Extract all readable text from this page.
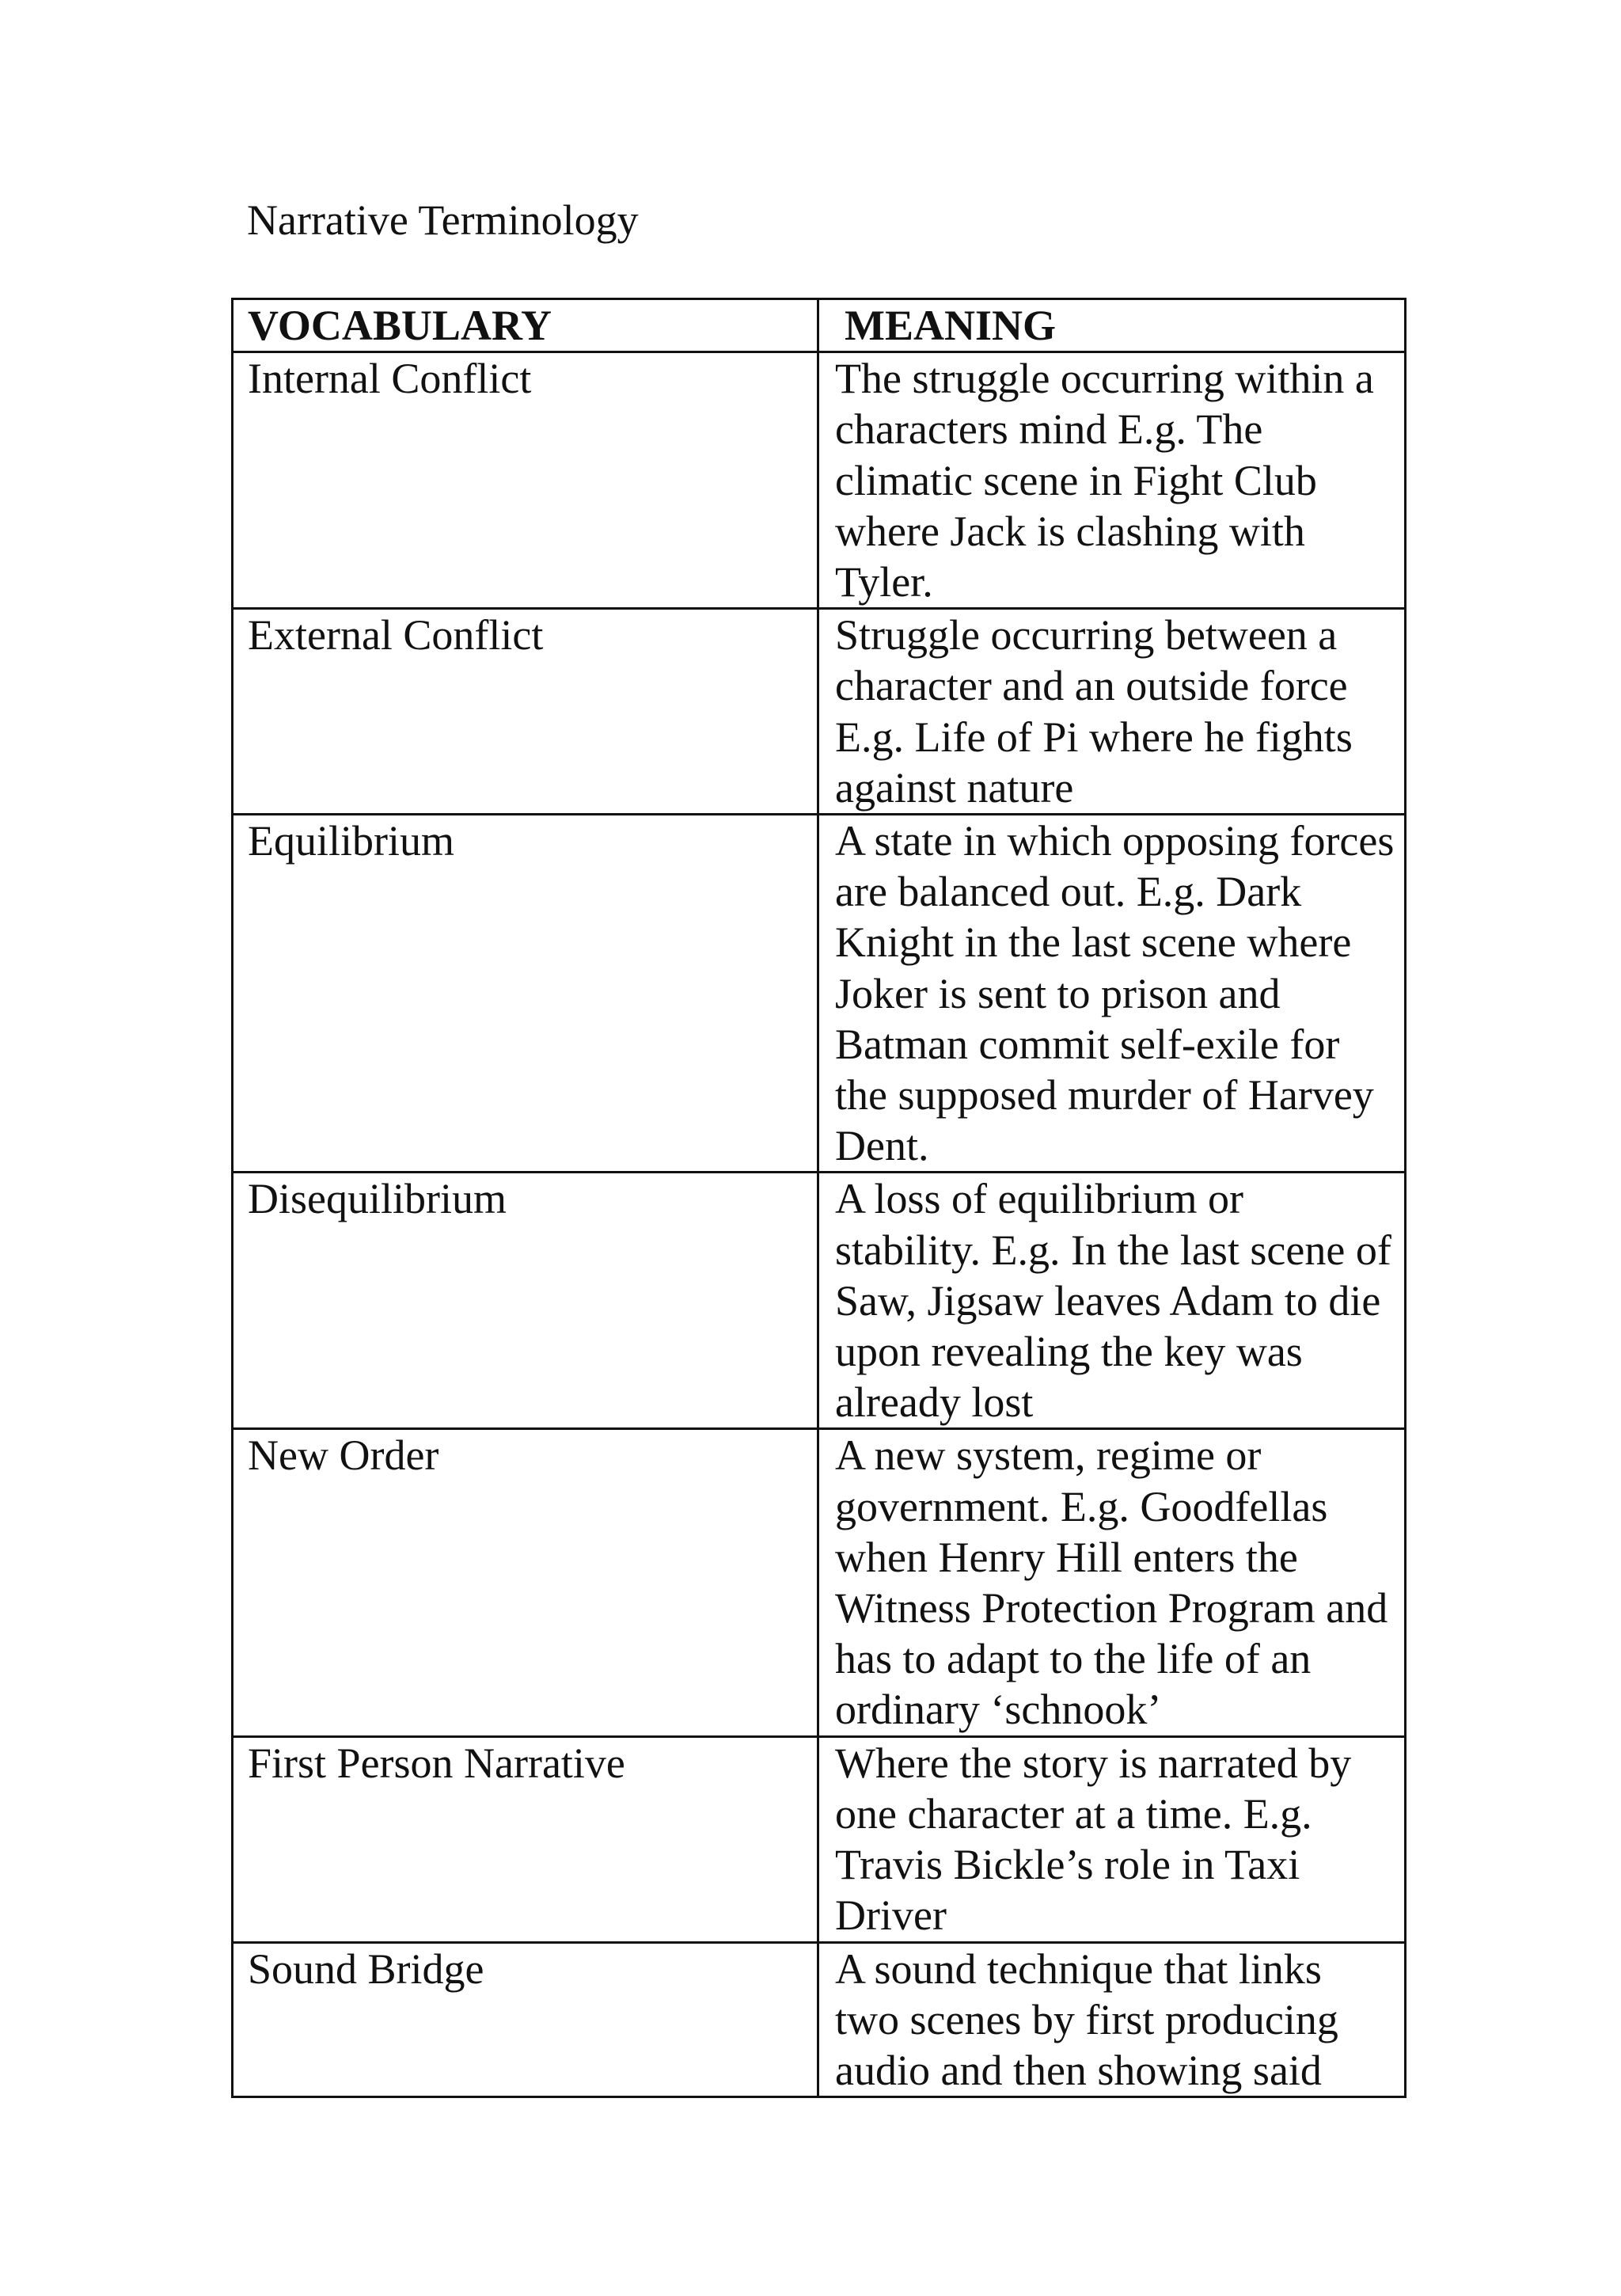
Narrative Terminology
VOCABULARY	MEANING
Internal Conflict	The struggle occurring within a characters mind E.g. The climatic scene in Fight Club where Jack is clashing with Tyler.
External Conflict	Struggle occurring between a character and an outside force E.g. Life of Pi where he fights against nature
Equilibrium	A state in which opposing forces are balanced out. E.g. Dark Knight in the last scene where Joker is sent to prison and Batman commit self-exile for the supposed murder of Harvey Dent.
Disequilibrium	A loss of equilibrium or stability. E.g. In the last scene of Saw, Jigsaw leaves Adam to die upon revealing the key was already lost
New Order	A new system, regime or government. E.g. Goodfellas when Henry Hill enters the Witness Protection Program and has to adapt to the life of an ordinary ‘schnook’
First Person Narrative	Where the story is narrated by one character at a time. E.g. Travis Bickle’s role in Taxi Driver
Sound Bridge	A sound technique that links two scenes by first producing audio and then showing said
